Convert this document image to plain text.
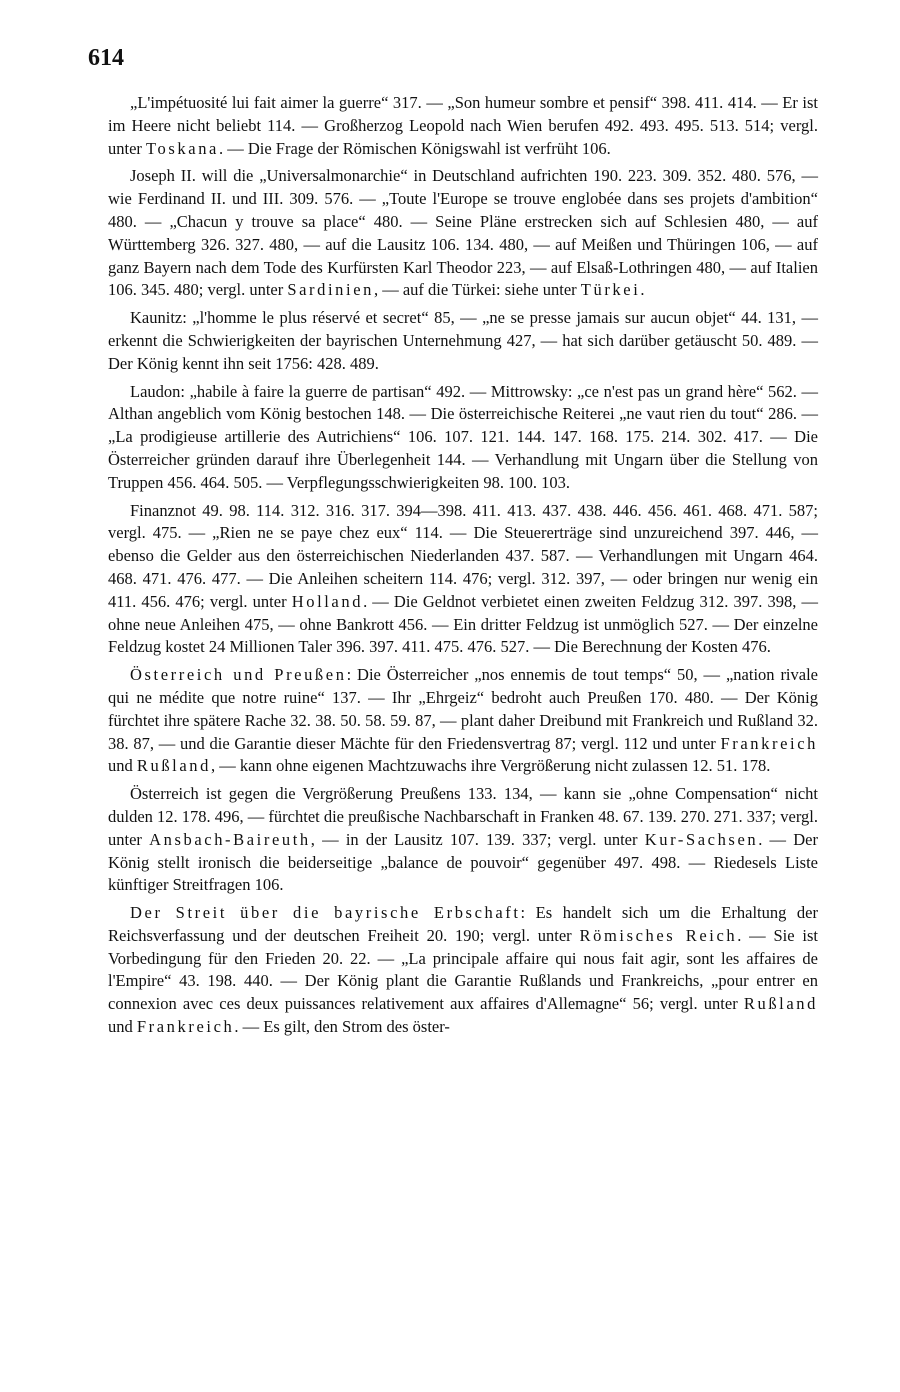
614

„L'impétuosité lui fait aimer la guerre“ 317. — „Son humeur sombre et pensif“ 398. 411. 414. — Er ist im Heere nicht beliebt 114. — Großherzog Leopold nach Wien berufen 492. 493. 495. 513. 514; vergl. unter Toskana. — Die Frage der Römischen Königswahl ist verfrüht 106.

Joseph II. will die „Universalmonarchie“ in Deutschland aufrichten 190. 223. 309. 352. 480. 576, — wie Ferdinand II. und III. 309. 576. — „Toute l'Europe se trouve englobée dans ses projets d'ambition“ 480. — „Chacun y trouve sa place“ 480. — Seine Pläne erstrecken sich auf Schlesien 480, — auf Württemberg 326. 327. 480, — auf die Lausitz 106. 134. 480, — auf Meißen und Thüringen 106, — auf ganz Bayern nach dem Tode des Kurfürsten Karl Theodor 223, — auf Elsaß-Lothringen 480, — auf Italien 106. 345. 480; vergl. unter Sardinien, — auf die Türkei: siehe unter Türkei.

Kaunitz: „l'homme le plus réservé et secret“ 85, — „ne se presse jamais sur aucun objet“ 44. 131, — erkennt die Schwierigkeiten der bayrischen Unternehmung 427, — hat sich darüber getäuscht 50. 489. — Der König kennt ihn seit 1756: 428. 489.

Laudon: „habile à faire la guerre de partisan“ 492. — Mittrowsky: „ce n'est pas un grand hère“ 562. — Althan angeblich vom König bestochen 148. — Die österreichische Reiterei „ne vaut rien du tout“ 286. — „La prodigieuse artillerie des Autrichiens“ 106. 107. 121. 144. 147. 168. 175. 214. 302. 417. — Die Österreicher gründen darauf ihre Überlegenheit 144. — Verhandlung mit Ungarn über die Stellung von Truppen 456. 464. 505. — Verpflegungsschwierigkeiten 98. 100. 103.

Finanznot 49. 98. 114. 312. 316. 317. 394—398. 411. 413. 437. 438. 446. 456. 461. 468. 471. 587; vergl. 475. — „Rien ne se paye chez eux“ 114. — Die Steuererträge sind unzureichend 397. 446, — ebenso die Gelder aus den österreichischen Niederlanden 437. 587. — Verhandlungen mit Ungarn 464. 468. 471. 476. 477. — Die Anleihen scheitern 114. 476; vergl. 312. 397, — oder bringen nur wenig ein 411. 456. 476; vergl. unter Holland. — Die Geldnot verbietet einen zweiten Feldzug 312. 397. 398, — ohne neue Anleihen 475, — ohne Bankrott 456. — Ein dritter Feldzug ist unmöglich 527. — Der einzelne Feldzug kostet 24 Millionen Taler 396. 397. 411. 475. 476. 527. — Die Berechnung der Kosten 476.

Österreich und Preußen: Die Österreicher „nos ennemis de tout temps“ 50, — „nation rivale qui ne médite que notre ruine“ 137. — Ihr „Ehrgeiz“ bedroht auch Preußen 170. 480. — Der König fürchtet ihre spätere Rache 32. 38. 50. 58. 59. 87, — plant daher Dreibund mit Frankreich und Rußland 32. 38. 87, — und die Garantie dieser Mächte für den Friedensvertrag 87; vergl. 112 und unter Frankreich und Rußland, — kann ohne eigenen Machtzuwachs ihre Vergrößerung nicht zulassen 12. 51. 178.

Österreich ist gegen die Vergrößerung Preußens 133. 134, — kann sie „ohne Compensation“ nicht dulden 12. 178. 496, — fürchtet die preußische Nachbarschaft in Franken 48. 67. 139. 270. 271. 337; vergl. unter Ansbach-Baireuth, — in der Lausitz 107. 139. 337; vergl. unter Kur-Sachsen. — Der König stellt ironisch die beiderseitige „balance de pouvoir“ gegenüber 497. 498. — Riedesels Liste künftiger Streitfragen 106.

Der Streit über die bayrische Erbschaft: Es handelt sich um die Erhaltung der Reichsverfassung und der deutschen Freiheit 20. 190; vergl. unter Römisches Reich. — Sie ist Vorbedingung für den Frieden 20. 22. — „La principale affaire qui nous fait agir, sont les affaires de l'Empire“ 43. 198. 440. — Der König plant die Garantie Rußlands und Frankreichs, „pour entrer en connexion avec ces deux puissances relativement aux affaires d'Allemagne“ 56; vergl. unter Rußland und Frankreich. — Es gilt, den Strom des öster-
